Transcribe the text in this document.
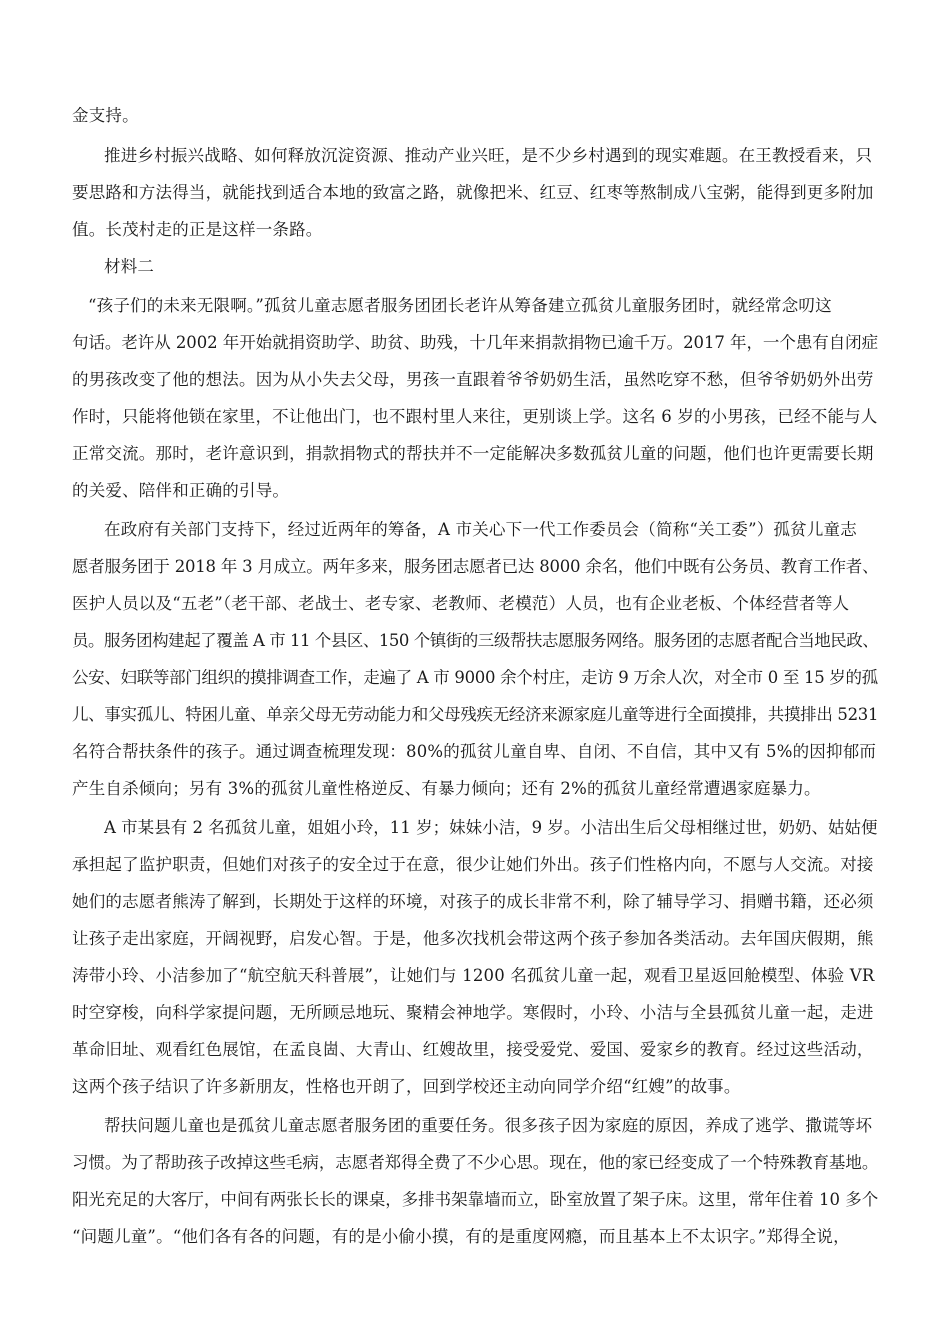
金支持。
推进乡村振兴战略、如何释放沉淀资源、推动产业兴旺，是不少乡村遇到的现实难题。在王教授看来，只
要思路和方法得当，就能找到适合本地的致富之路，就像把米、红豆、红枣等熬制成八宝粥，能得到更多附加
值。长茂村走的正是这样一条路。
材料二
“孩子们的未来无限啊。”孤贫儿童志愿者服务团团长老许从筹备建立孤贫儿童服务团时，就经常念叨这
句话。老许从 2002 年开始就捐资助学、助贫、助残，十几年来捐款捐物已逾千万。2017 年，一个患有自闭症
的男孩改变了他的想法。因为从小失去父母，男孩一直跟着爷爷奶奶生活，虽然吃穿不愁，但爷爷奶奶外出劳
作时，只能将他锁在家里，不让他出门，也不跟村里人来往，更别谈上学。这名 6 岁的小男孩，已经不能与人
正常交流。那时，老许意识到，捐款捐物式的帮扶并不一定能解决多数孤贫儿童的问题，他们也许更需要长期
的关爱、陪伴和正确的引导。
在政府有关部门支持下，经过近两年的筹备，A 市关心下一代工作委员会（简称“关工委”）孤贫儿童志
愿者服务团于 2018 年 3 月成立。两年多来，服务团志愿者已达 8000 余名，他们中既有公务员、教育工作者、
医护人员以及“五老”（老干部、老战士、老专家、老教师、老模范）人员，也有企业老板、个体经营者等人
员。服务团构建起了覆盖 A 市 11 个县区、150 个镇街的三级帮扶志愿服务网络。服务团的志愿者配合当地民政、
公安、妇联等部门组织的摸排调查工作，走遍了 A 市 9000 余个村庄，走访 9 万余人次，对全市 0 至 15 岁的孤
儿、事实孤儿、特困儿童、单亲父母无劳动能力和父母残疾无经济来源家庭儿童等进行全面摸排，共摸排出 5231
名符合帮扶条件的孩子。通过调查梳理发现：80%的孤贫儿童自卑、自闭、不自信，其中又有 5%的因抑郁而
产生自杀倾向；另有 3%的孤贫儿童性格逆反、有暴力倾向；还有 2%的孤贫儿童经常遭遇家庭暴力。
A 市某县有 2 名孤贫儿童，姐姐小玲，11 岁；妹妹小洁，9 岁。小洁出生后父母相继过世，奶奶、姑姑便
承担起了监护职责，但她们对孩子的安全过于在意，很少让她们外出。孩子们性格内向，不愿与人交流。对接
她们的志愿者熊涛了解到，长期处于这样的环境，对孩子的成长非常不利，除了辅导学习、捐赠书籍，还必须
让孩子走出家庭，开阔视野，启发心智。于是，他多次找机会带这两个孩子参加各类活动。去年国庆假期，熊
涛带小玲、小洁参加了“航空航天科普展”，让她们与 1200 名孤贫儿童一起，观看卫星返回舱模型、体验 VR
时空穿梭，向科学家提问题，无所顾忌地玩、聚精会神地学。寒假时，小玲、小洁与全县孤贫儿童一起，走进
革命旧址、观看红色展馆，在孟良崮、大青山、红嫂故里，接受爱党、爱国、爱家乡的教育。经过这些活动，
这两个孩子结识了许多新朋友，性格也开朗了，回到学校还主动向同学介绍“红嫂”的故事。
帮扶问题儿童也是孤贫儿童志愿者服务团的重要任务。很多孩子因为家庭的原因，养成了逃学、撒谎等坏
习惯。为了帮助孩子改掉这些毛病，志愿者郑得全费了不少心思。现在，他的家已经变成了一个特殊教育基地。
阳光充足的大客厅，中间有两张长长的课桌，多排书架靠墙而立，卧室放置了架子床。这里，常年住着 10 多个
“问题儿童”。“他们各有各的问题，有的是小偷小摸，有的是重度网瘾，而且基本上不太识字。”郑得全说，
